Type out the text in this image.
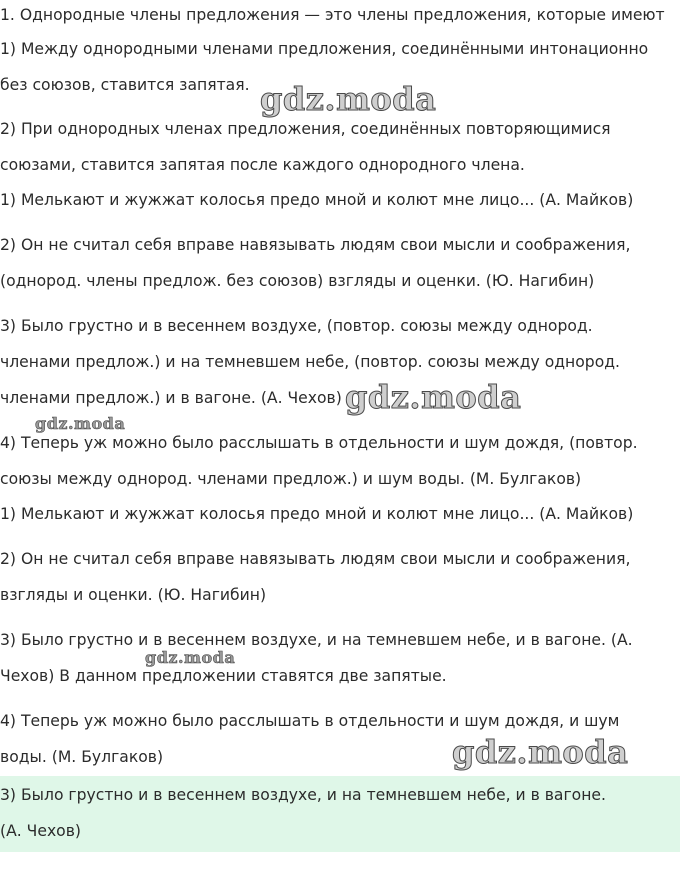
1. Однородные члены предложения — это члены предложения, которые имеют
1) Между однородными членами предложения, соединёнными интонационно
без союзов, ставится запятая.
2) При однородных членах предложения, соединённых повторяющимися
союзами, ставится запятая после каждого однородного члена.
1) Мелькают и жужжат колосья предо мной и колют мне лицо... (А. Майков)
2) Он не считал себя вправе навязывать людям свои мысли и соображения,
(однород. члены предлож. без союзов) взгляды и оценки. (Ю. Нагибин)
3) Было грустно и в весеннем воздухе, (повтор. союзы между однород.
членами предлож.) и на темневшем небе, (повтор. союзы между однород.
членами предлож.) и в вагоне. (А. Чехов)
4) Теперь уж можно было расслышать в отдельности и шум дождя, (повтор.
союзы между однород. членами предлож.) и шум воды. (М. Булгаков)
1) Мелькают и жужжат колосья предо мной и колют мне лицо... (А. Майков)
2) Он не считал себя вправе навязывать людям свои мысли и соображения,
взгляды и оценки. (Ю. Нагибин)
3) Было грустно и в весеннем воздухе, и на темневшем небе, и в вагоне. (А.
Чехов) В данном предложении ставятся две запятые.
4) Теперь уж можно было расслышать в отдельности и шум дождя, и шум
воды. (М. Булгаков)
3) Было грустно и в весеннем воздухе, и на темневшем небе, и в вагоне.
(А. Чехов)
gdz.moda
gdz.moda
gdz.moda
gdz.moda
gdz.moda
